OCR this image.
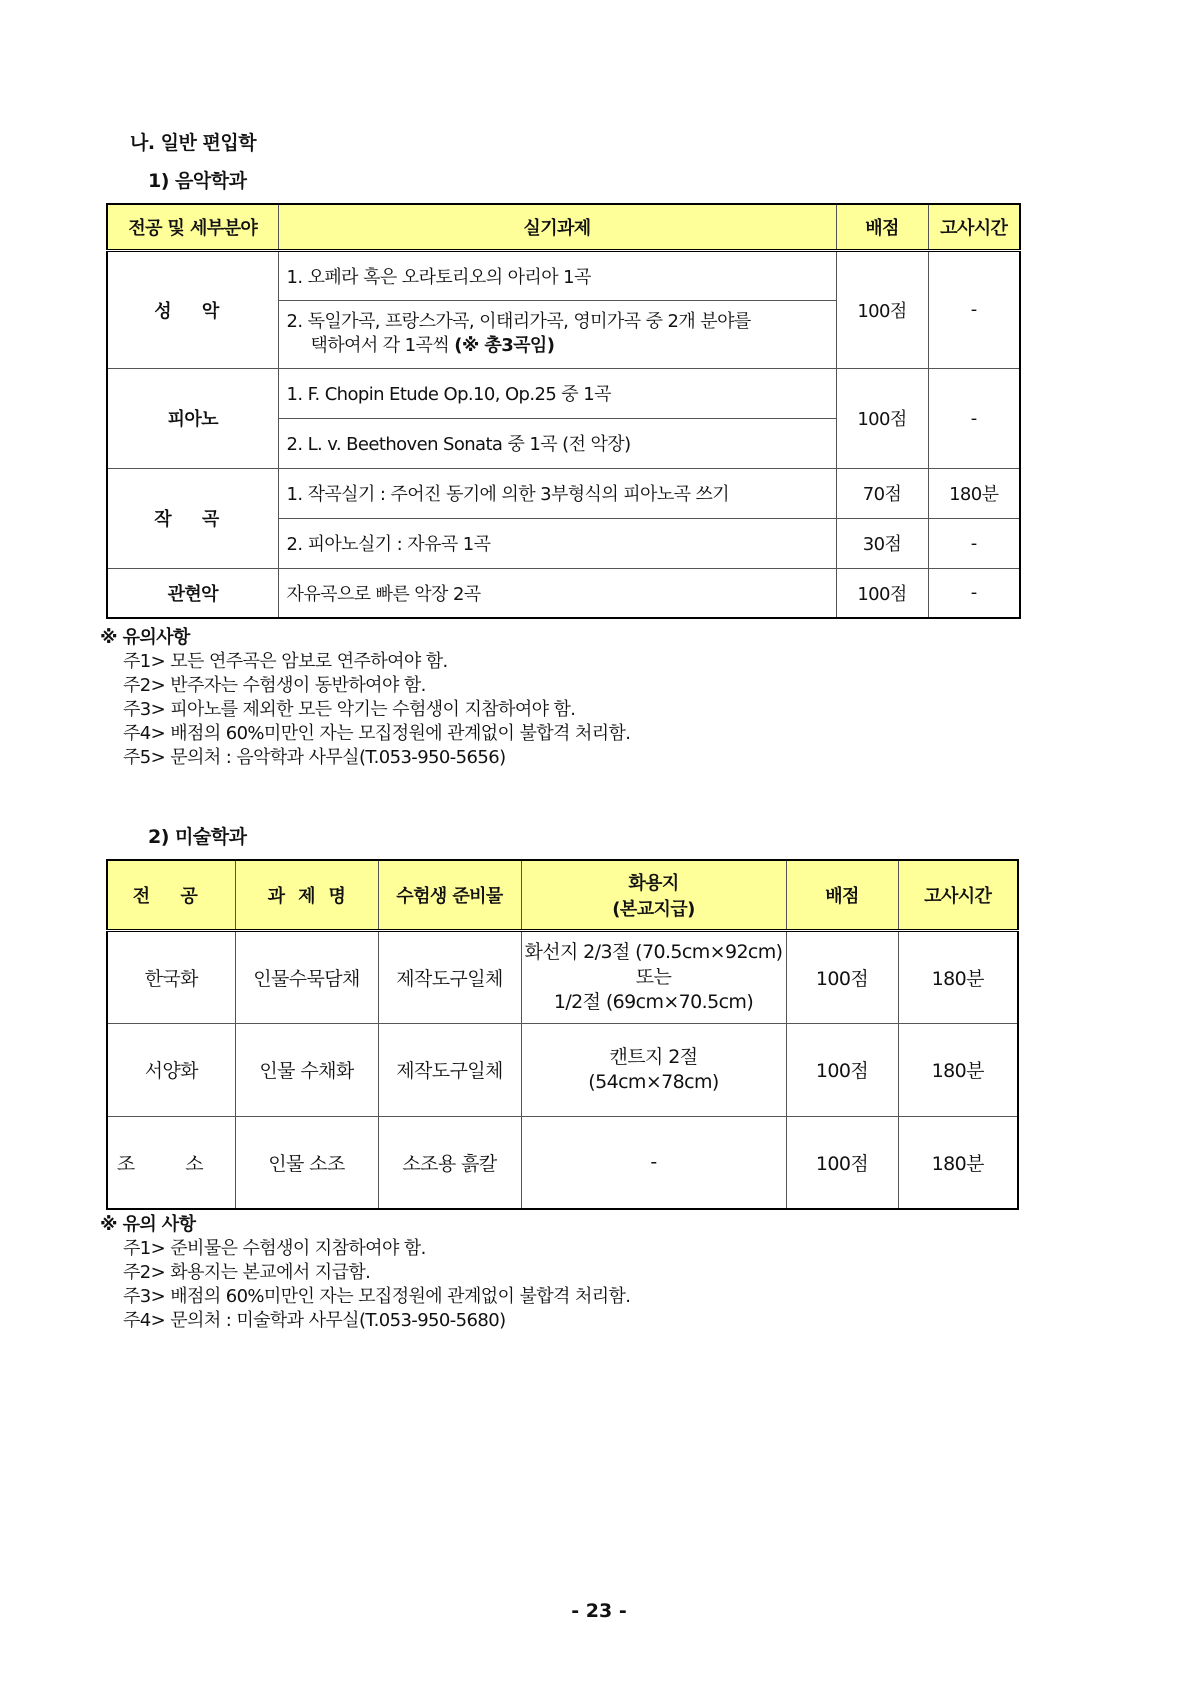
나. 일반 편입학
1) 음악학과
전공 및 세부분야	실기과제	배점	고사시간
성 악	1. 오페라 혹은 오라토리오의 아리아 1곡	100점	-

	2. 독일가곡, 프랑스가곡, 이태리가곡, 영미가곡 중 2개 분야를
택하여서 각 1곡씩 (※ 총3곡임)		

피아노	1. F. Chopin Etude Op.10, Op.25 중 1곡	100점	-
	2. L. v. Beethoven Sonata 중 1곡 (전 악장)		
작 곡	1. 작곡실기 : 주어진 동기에 의한 3부형식의 피아노곡 쓰기	70점	180분
	2. 피아노실기 : 자유곡 1곡	30점	-
관현악	자유곡으로 빠른 악장 2곡	100점	-
※ 유의사항
주1> 모든 연주곡은 암보로 연주하여야 함.
주2> 반주자는 수험생이 동반하여야 함.
주3> 피아노를 제외한 모든 악기는 수험생이 지참하여야 함.
주4> 배점의 60%미만인 자는 모집정원에 관계없이 불합격 처리함.
주5> 문의처 : 음악학과 사무실(T.053-950-5656)
2) 미술학과
전 공	과 제 명	수험생 준비물	화용지
(본교지급)	배점	고사시간
한국화	인물수묵담채	제작도구일체	화선지 2/3절 (70.5cm×92cm)
또는
1/2절 (69cm×70.5cm)	100점	180분
서양화	인물 수채화	제작도구일체	캔트지 2절
(54cm×78cm)	100점	180분
조 소	인물 소조	소조용 흙칼	-	100점	180분
※ 유의 사항
주1> 준비물은 수험생이 지참하여야 함.
주2> 화용지는 본교에서 지급함.
주3> 배점의 60%미만인 자는 모집정원에 관계없이 불합격 처리함.
주4> 문의처 : 미술학과 사무실(T.053-950-5680)
- 23 -
